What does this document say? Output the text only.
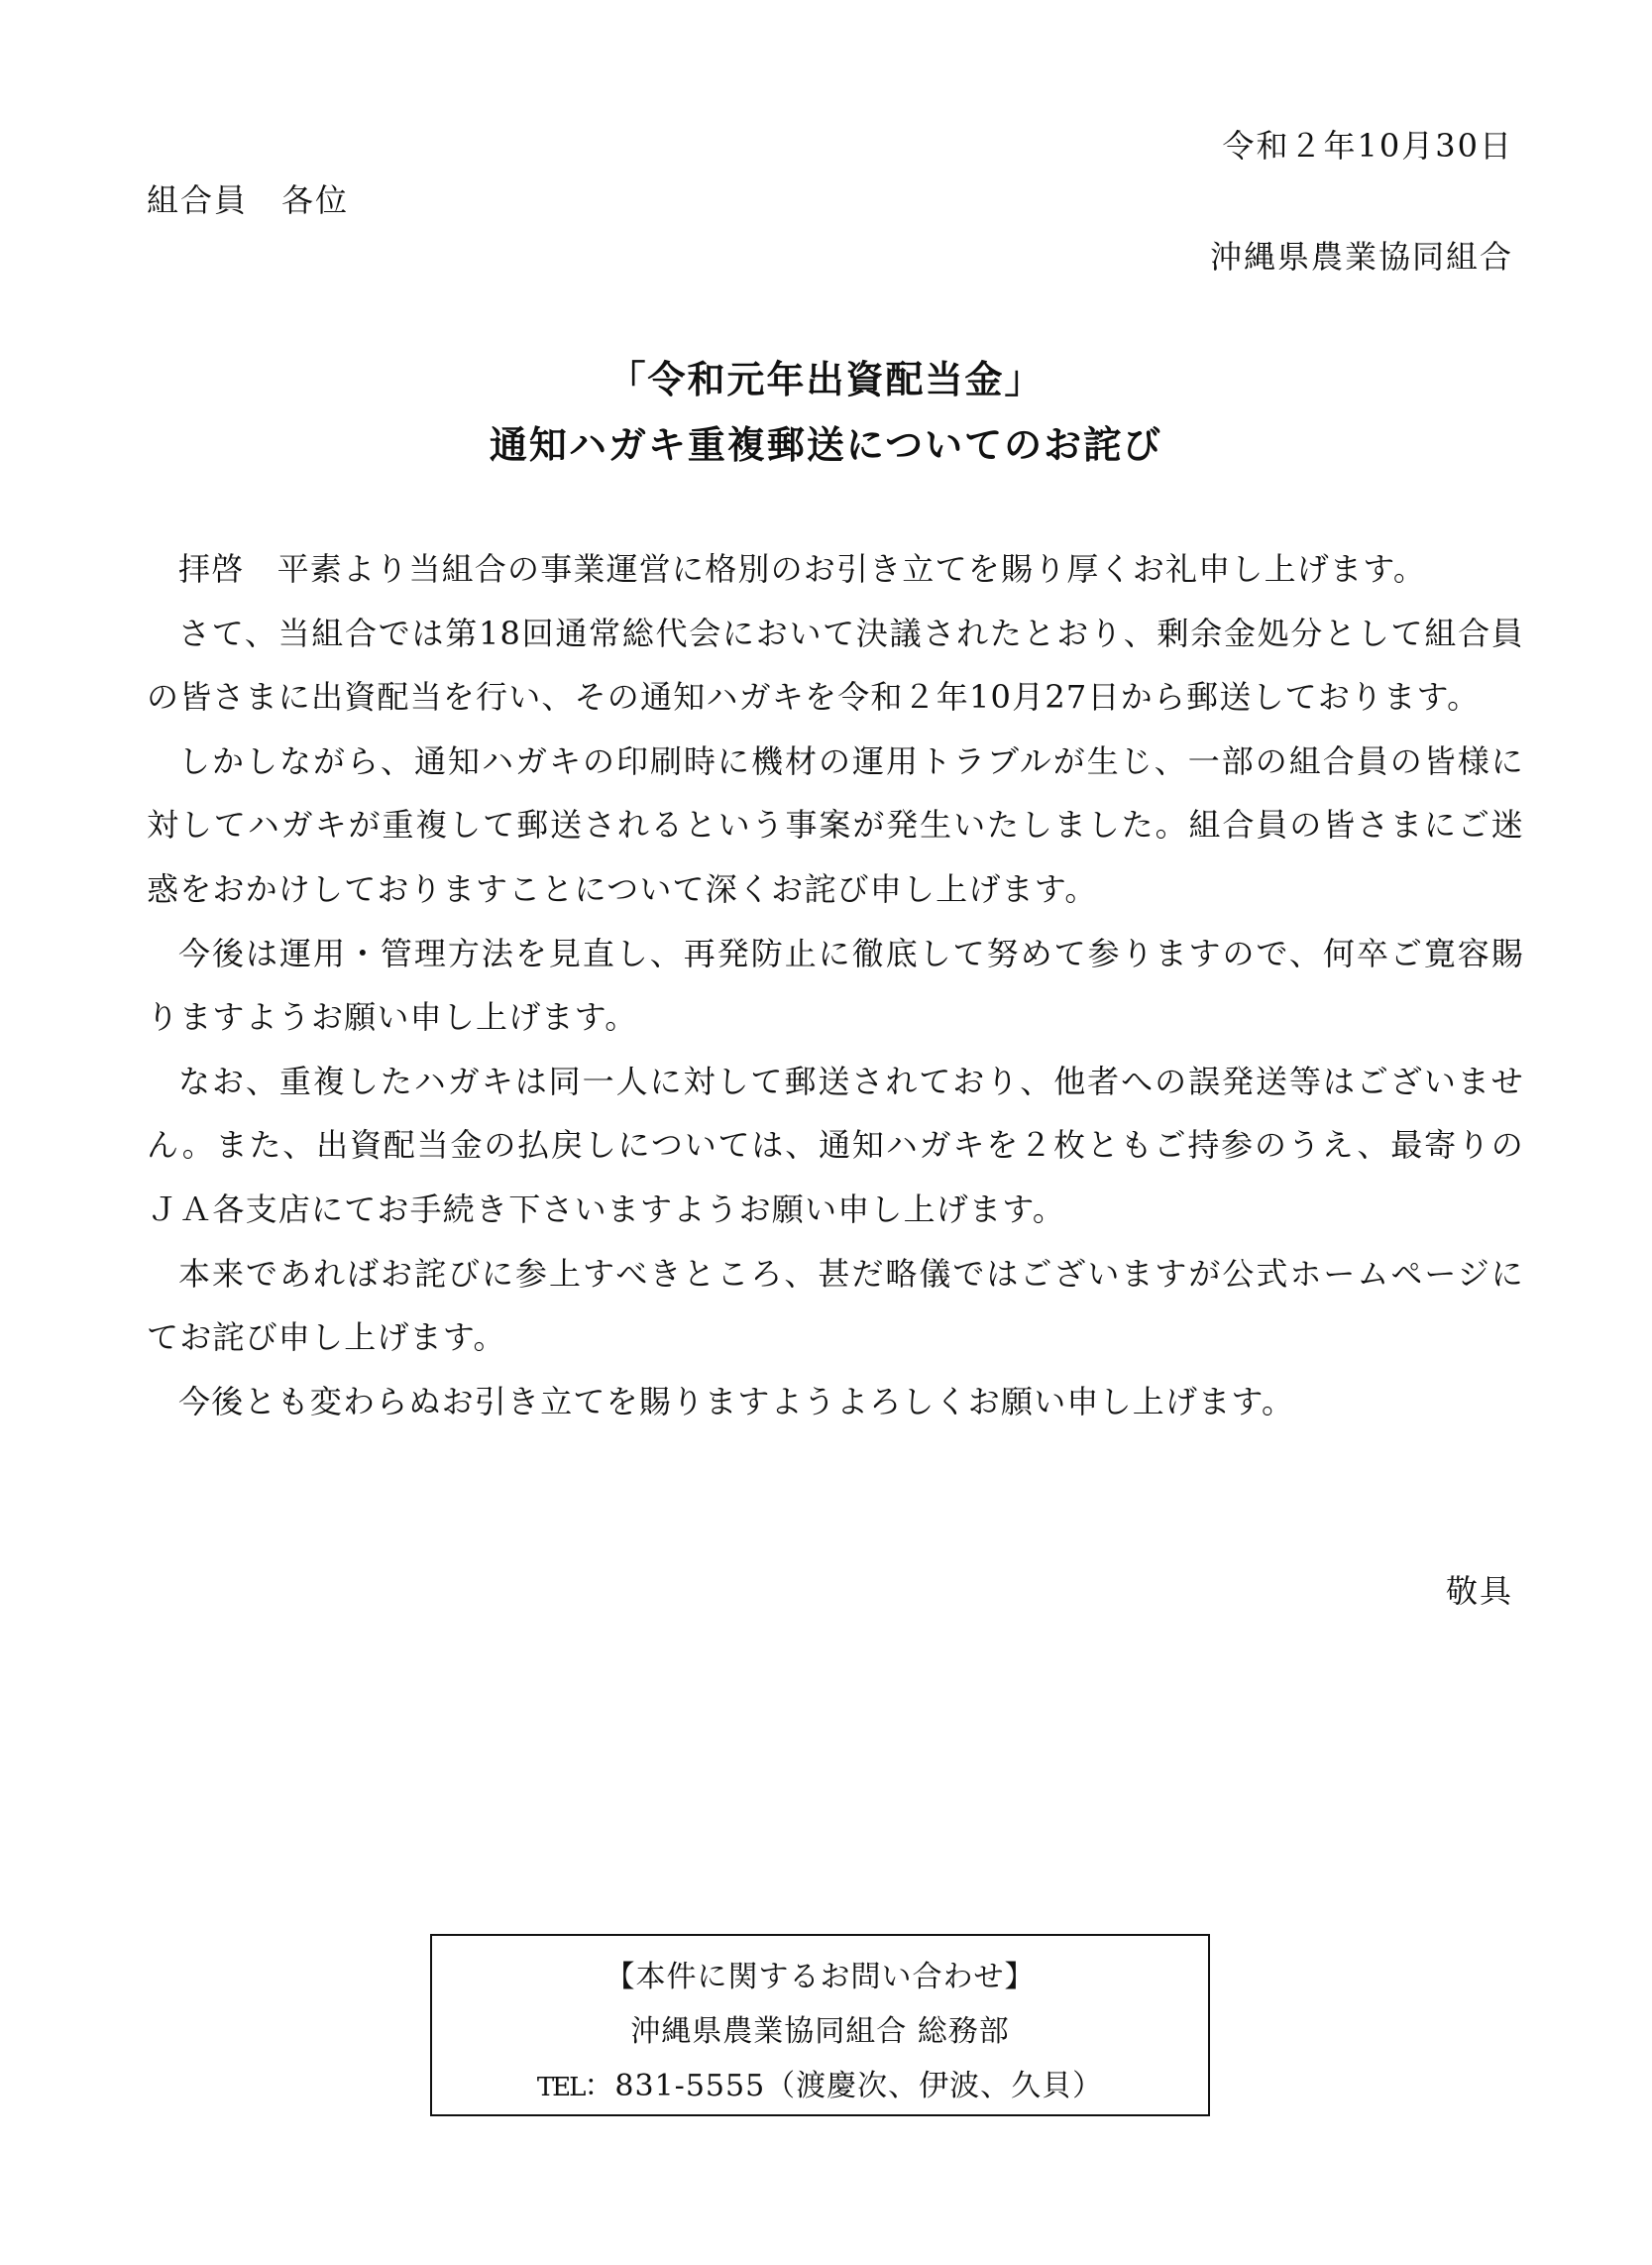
令和２年10月30日
組合員　各位
沖縄県農業協同組合
「令和元年出資配当金」
通知ハガキ重複郵送についてのお詫び

拝啓　平素より当組合の事業運営に格別のお引き立てを賜り厚くお礼申し上げます。

さて、当組合では第18回通常総代会において決議されたとおり、剰余金処分として組合員の皆さまに出資配当を行い、その通知ハガキを令和２年10月27日から郵送しております。

しかしながら、通知ハガキの印刷時に機材の運用トラブルが生じ、一部の組合員の皆様に対してハガキが重複して郵送されるという事案が発生いたしました。組合員の皆さまにご迷惑をおかけしておりますことについて深くお詫び申し上げます。

今後は運用・管理方法を見直し、再発防止に徹底して努めて参りますので、何卒ご寛容賜りますようお願い申し上げます。

なお、重複したハガキは同一人に対して郵送されており、他者への誤発送等はございません。また、出資配当金の払戻しについては、通知ハガキを２枚ともご持参のうえ、最寄りのＪＡ各支店にてお手続き下さいますようお願い申し上げます。

本来であればお詫びに参上すべきところ、甚だ略儀ではございますが公式ホームページにてお詫び申し上げます。

今後とも変わらぬお引き立てを賜りますようよろしくお願い申し上げます。

敬具
【本件に関するお問い合わせ】
沖縄県農業協同組合 総務部
TEL：831-5555（渡慶次、伊波、久貝）
